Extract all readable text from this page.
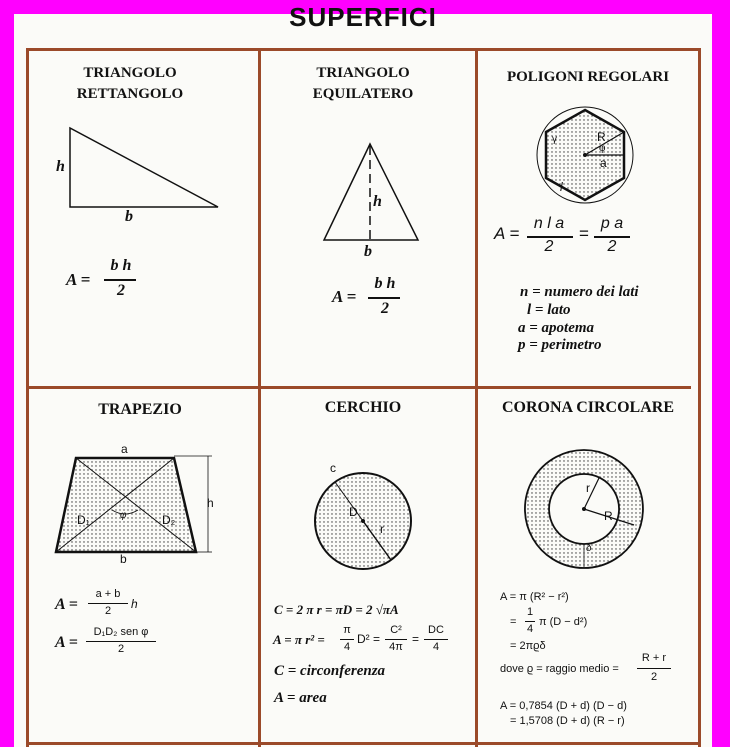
SUPERFICI
TRIANGOLO
RETTANGOLO
h
b
A =
b h
2
TRIANGOLO
EQUILATERO
h
b
A =
b h
2
POLIGONI REGOLARI
R
a
φ
γ
l
A =
n l a
2
=
p a
2
n = numero dei lati
l = lato
a = apotema
p = perimetro
TRAPEZIO
a
b
h
D₁	D₂
φ
A =
a + b
2	h
A =
D₁D₂ sen φ
2
CERCHIO
c
D
r
C = 2 π r = πD = 2 √πA
A = π r² =
π
4
D² =
C²
4π
=
DC
4
C = circonferenza
A = area
CORONA CIRCOLARE
r
R
δ
A = π (R² − r²)
=
1
4
π (D − d²)
= 2πϱδ
dove ϱ = raggio medio =
R + r
2
A = 0,7854 (D + d) (D − d)
= 1,5708 (D + d) (R − r)
